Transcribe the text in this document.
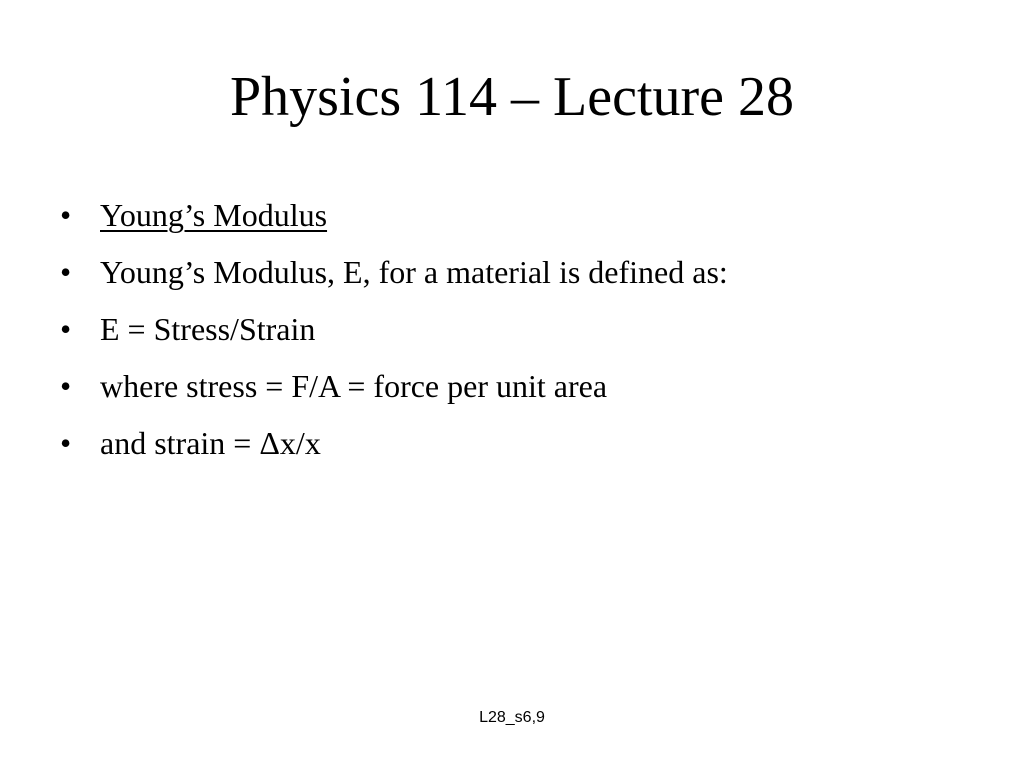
Physics 114 – Lecture 28
• Young’s Modulus
• Young’s Modulus, E, for a material is defined as:
• E = Stress/Strain
• where stress = F/A = force per unit area
• and strain = Δx/x
L28_s6,9
